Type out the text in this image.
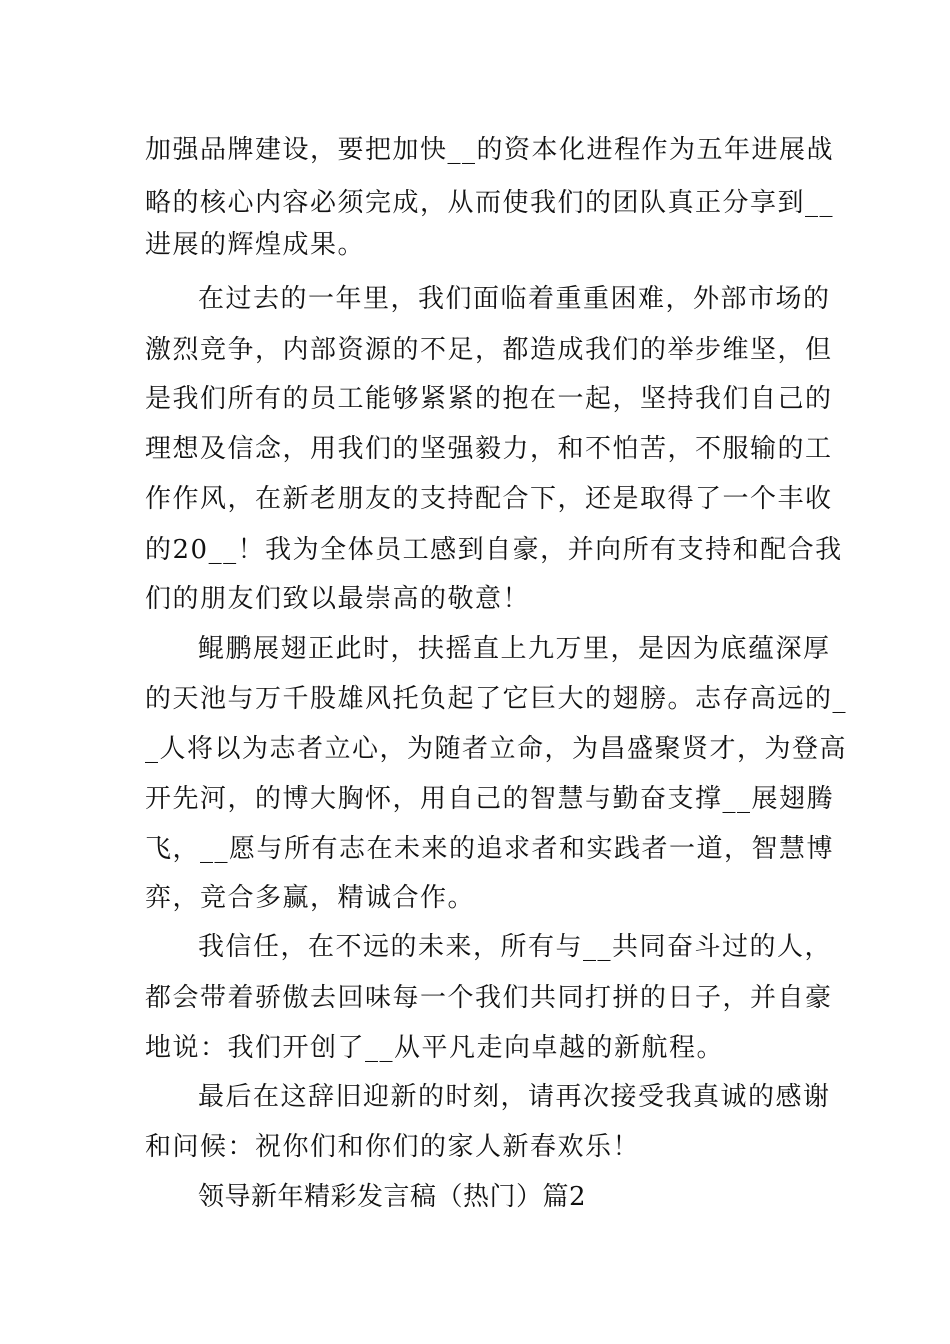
加强品牌建设，要把加快__的资本化进程作为五年进展战
略的核心内容必须完成，从而使我们的团队真正分享到__
进展的辉煌成果。
在过去的一年里，我们面临着重重困难，外部市场的
激烈竞争，内部资源的不足，都造成我们的举步维坚，但
是我们所有的员工能够紧紧的抱在一起，坚持我们自己的
理想及信念，用我们的坚强毅力，和不怕苦，不服输的工
作作风，在新老朋友的支持配合下，还是取得了一个丰收
的20__！我为全体员工感到自豪，并向所有支持和配合我
们的朋友们致以最崇高的敬意！
鲲鹏展翅正此时，扶摇直上九万里，是因为底蕴深厚
的天池与万千股雄风托负起了它巨大的翅膀。志存高远的_
_人将以为志者立心，为随者立命，为昌盛聚贤才，为登高
开先河，的博大胸怀，用自己的智慧与勤奋支撑__展翅腾
飞，__愿与所有志在未来的追求者和实践者一道，智慧博
弈，竞合多赢，精诚合作。
我信任，在不远的未来，所有与__共同奋斗过的人，
都会带着骄傲去回味每一个我们共同打拼的日子，并自豪
地说：我们开创了__从平凡走向卓越的新航程。
最后在这辞旧迎新的时刻，请再次接受我真诚的感谢
和问候：祝你们和你们的家人新春欢乐！
领导新年精彩发言稿（热门）篇2
